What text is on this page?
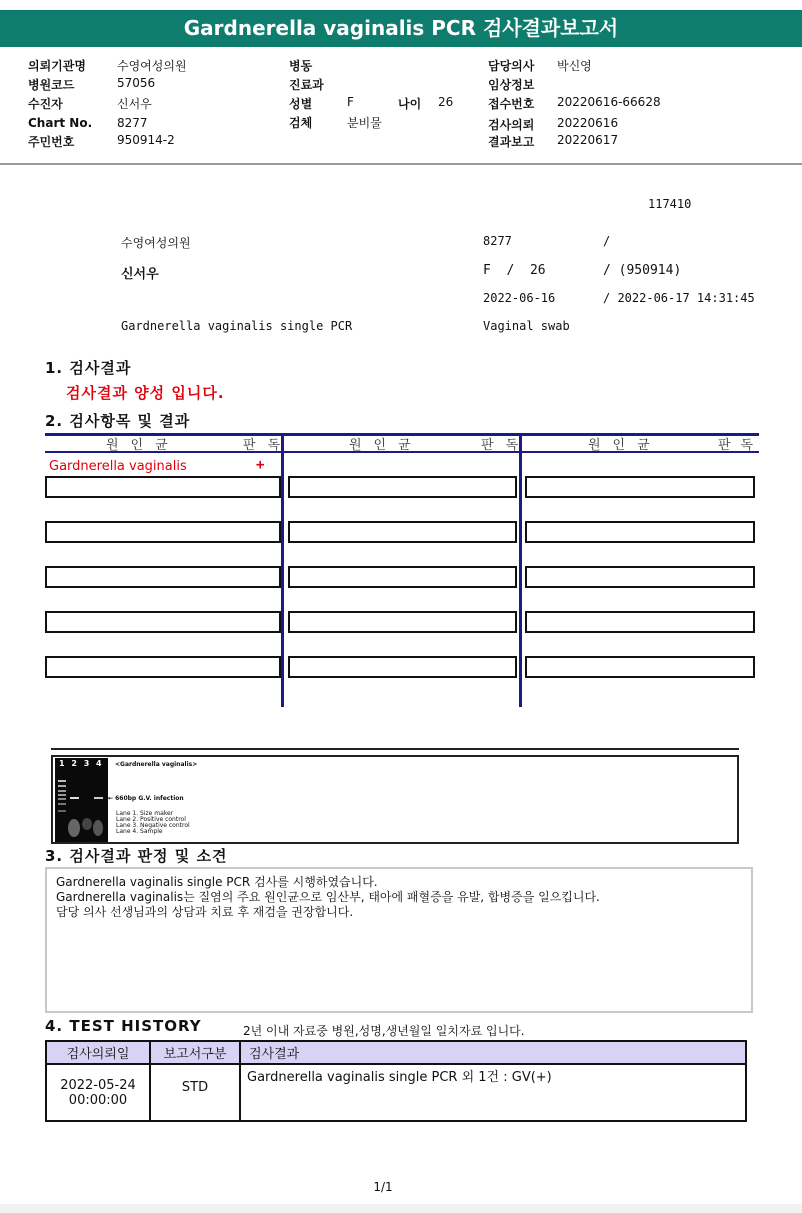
Gardnerella vaginalis PCR 검사결과보고서
의뢰기관명	수영여성의원
병원코드	57056
수진자	신서우
Chart No. 8277
주민번호	950914-2
병동
진료과
성별	F	나이 26
검체	분비물
담당의사 박신영
임상정보
접수번호 20220616-66628
검사의뢰 20220616
결과보고 20220617
117410
수영여성의원	8277	/
신서우	F  /  26	/ (950914)
2022-06-16	/ 2022-06-17 14:31:45
Gardnerella vaginalis single PCR	Vaginal swab
1. 검사결과
검사결과 양성 입니다.
2. 검사항목 및 결과
원인균	판독	원인균	판독	원인균	판독
Gardnerella vaginalis	+
1 2 3 4 <Gardnerella vaginalis>
← 660bp G.V. infection
Lane 1. Size maker
Lane 2. Positive control
Lane 3. Negative control
Lane 4. Sample
3. 검사결과 판정 및 소견
Gardnerella vaginalis single PCR 검사를 시행하였습니다.
Gardnerella vaginalis는 질염의 주요 원인균으로 임산부, 태아에 패혈증을 유발, 합병증을 일으킵니다.
담당 의사 선생님과의 상담과 치료 후 재검을 권장합니다.
4. TEST HISTORY	2년 이내 자료중 병원,성명,생년월일 일치자료 입니다.
검사의뢰일	보고서구분	검사결과

2022-05-24
00:00:00	STD	Gardnerella vaginalis single PCR 외 1건 : GV(+)
1/1
